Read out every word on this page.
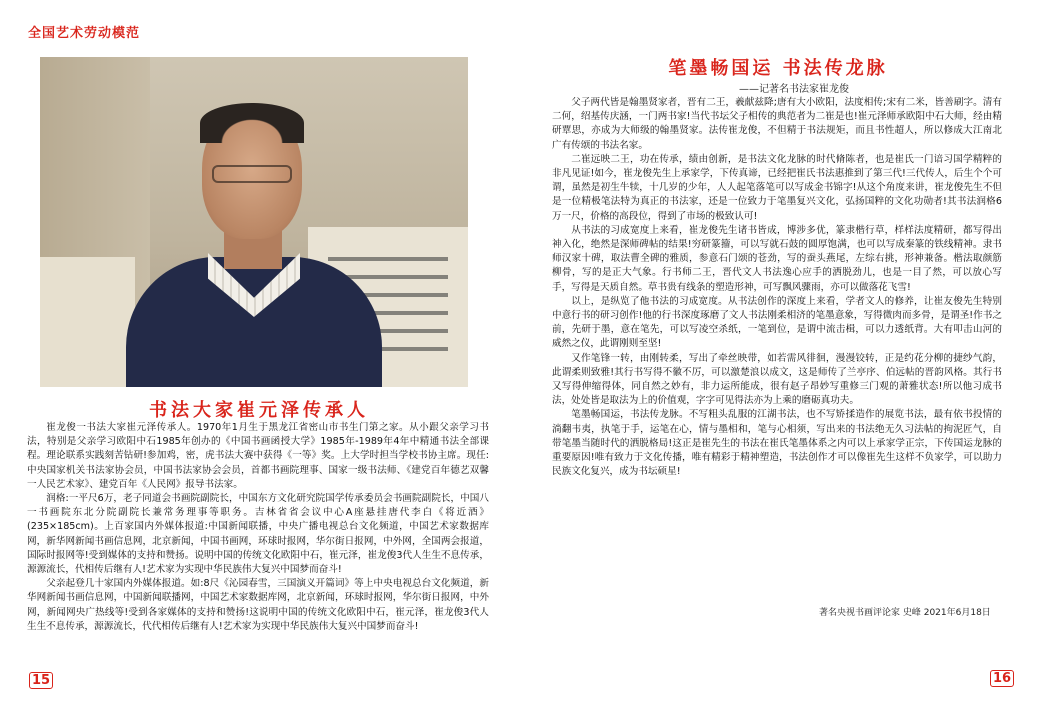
全国艺术劳动模范
书法大家崔元泽传承人

崔龙俊一书法大家崔元泽传承人。1970年1月生于黑龙江省密山市书生门第之家。从小跟父亲学习书法，特别是父亲学习欧阳中石1985年创办的《中国书画函授大学》1985年-1989年4年中精通书法全部课程。理论联系实践刻苦钻研!参加鸡，密，虎书法大赛中获得《一等》奖。上大学时担当学校书协主席。现任:中央国家机关书法家协会员，中国书法家协会会员，首都书画院理事、国家一级书法师、《建党百年德艺双馨一人民艺术家》、建党百年《人民网》报导书法家。

润格:一平尺6万，老子同道会书画院副院长，中国东方文化研究院国学传承委员会书画院副院长，中国八一书画院东北分院副院长兼常务理事等职务。吉林省省会议中心A座悬挂唐代李白《将近酒》(235×185cm)。上百家国内外媒体报道:中国新闻联播，中央广播电视总台文化频道，中国艺术家数据库网，新华网新闻书画信息网，北京新闻，中国书画网，环球时报网，华尔街日报网，中外网，全国两会报道，国际时报网等!受到媒体的支持和赞扬。说明中国的传统文化欧阳中石，崔元泽，崔龙俊3代人生生不息传承，源源流长，代相传后继有人!艺术家为实现中华民族伟大复兴中国梦而奋斗!

父亲起登几十家国内外媒体报道。如:8尺《沁园春雪，三国演义开篇词》等上中央电视总台文化频道，新华网新闻书画信息网，中国新闻联播网，中国艺术家数据库网，北京新闻，环球时报网，华尔街日报网，中外网，新闻网央广热线等!受到各家媒体的支持和赞扬!这说明中国的传统文化欧阳中石，崔元泽，崔龙俊3代人生生不息传承，源源流长，代代相传后继有人!艺术家为实现中华民族伟大复兴中国梦而奋斗!

15
笔墨畅国运 书法传龙脉
——记著名书法家崔龙俊

父子两代皆是翰墨贤家者，晋有二王，羲献兹降;唐有大小欧阳，法度相传;宋有二米，皆善刷字。清有二何，绍基传庆涵，一门两书家!当代书坛父子相传的典范者为二崔是也!崔元泽师承欧阳中石大师，经由精研覃思，亦成为大师级的翰墨贤家。法传崔龙俊，不但精于书法规矩，而且书性超人，所以修成大江南北广有传颂的书法名家。

二崔远映二王，功在传承，绩由创新，是书法文化龙脉的时代脩陈者，也是崔氏一门谙习国学精粹的非凡见证!如今，崔龙俊先生上承家学，下传真谛，已经把崔氏书法惠推到了第三代!三代传人，后生个个可谓，虽然是初生牛犊，十几岁的少年，人人起笔落笔可以写成金书锦字!从这个角度来讲，崔龙俊先生不但是一位精极笔法特为真正的书法家，还是一位致力于笔墨复兴文化，弘扬国粹的文化功勋者!其书法润格6万一尺，价格的高段位，得到了市场的极致认可!

从书法的习成宽度上来看，崔龙俊先生诸书皆成，博涉多优，篆隶楷行草，样样法度精研，都写得出神入化，绝然是深师碑帖的结果!穷研篆籀，可以写就石鼓的圆厚饱满，也可以写成秦篆的铁线精神。隶书师汉家十碑，取法曹全碑的雅质，参意石门颂的苍劲，写的蚕头燕尾，左综右挑，形神兼备。楷法取颜筋柳骨，写的是正大气象。行书师二王，晋代文人书法逸心应手的洒脱劲儿，也是一目了然，可以放心写手，写得是天质自然。草书贵有线条的塑造形神，可写飘风骤雨，亦可以做落花飞雪!

以上，是纵览了他书法的习成宽度。从书法创作的深度上来看，学者文人的修养，让崔友俊先生特别中意行书的研习创作!他的行书深度琢磨了文人书法刚柔相济的笔墨意象，写得微肉而多骨，是谓圣!作书之前，先研于墨，意在笔先，可以写凌空杀纸，一笔到位，是谓中流击楫，可以力透纸背。大有叩击山河的威然之仪，此谓刚则至坚!

又作笔锋一转，由刚转柔，写出了牵丝映带，如若需风徘徊，漫漫铰转，正是约花分柳的捷纱气韵，此谓柔则致雅!其行书写得不徽不厉，可以激楚浪以成文，这是师传了兰亭序、伯远帖的晋韵风格。其行书又写得伸缩得体，同自然之妙有，非力运所能成，很有赵子昂妙写重修三门观的萧雅状态!所以他习成书法，处处皆是取法为上的价值观，字字可见得法亦为上乘的磨砺真功夫。

笔墨畅国运，书法传龙脉。不写粗头乱服的江湖书法，也不写矫揉造作的展览书法，最有依书投情的淌翻韦夷，执笔于手，运笔在心，情与墨相和，笔与心相须，写出来的书法绝无久习法帖的拘泥匠气，自带笔墨当随时代的洒脱格局!这正是崔先生的书法在崔氏笔墨体系之内可以上承家学正宗，下传国运龙脉的重要原因!唯有致力于文化传播，唯有精彩于精神塑造，书法创作才可以像崔先生这样不负家学，可以助力民族文化复兴，成为书坛硕星!

著名央视书画评论家 史峰 2021年6月18日
16
